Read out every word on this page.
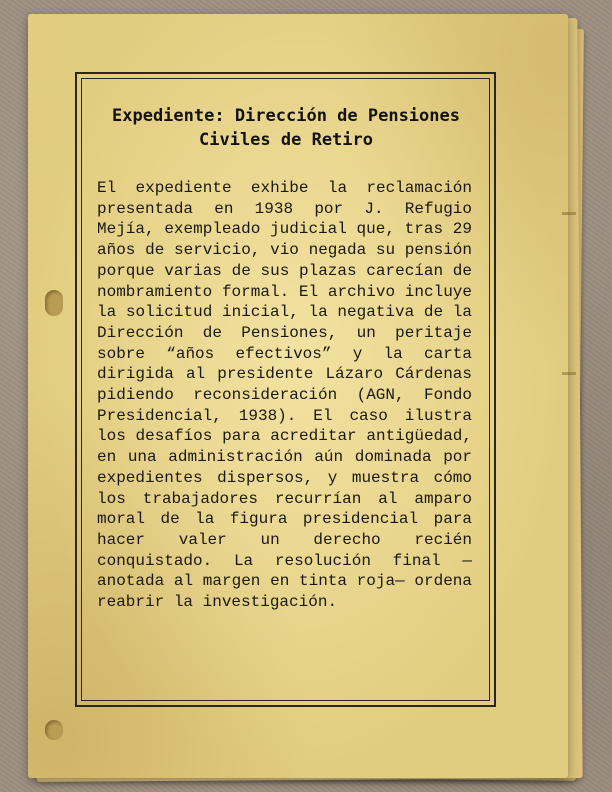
Expediente: Dirección de Pensiones Civiles de Retiro

El expediente exhibe la reclamación presentada en 1938 por J. Refugio Mejía, exempleado judicial que, tras 29 años de servicio, vio negada su pensión porque varias de sus plazas carecían de nombramiento formal. El archivo incluye la solicitud inicial, la negativa de la Dirección de Pensiones, un peritaje sobre “años efectivos” y la carta dirigida al presidente Lázaro Cárdenas pidiendo reconsideración (AGN, Fondo Presidencial, 1938). El caso ilustra los desafíos para acreditar antigüedad, en una administración aún dominada por expedientes dispersos, y muestra cómo los trabajadores recurrían al amparo moral de la figura presidencial para hacer valer un derecho recién conquistado. La resolución final —anotada al margen en tinta roja— ordena reabrir la investigación.
